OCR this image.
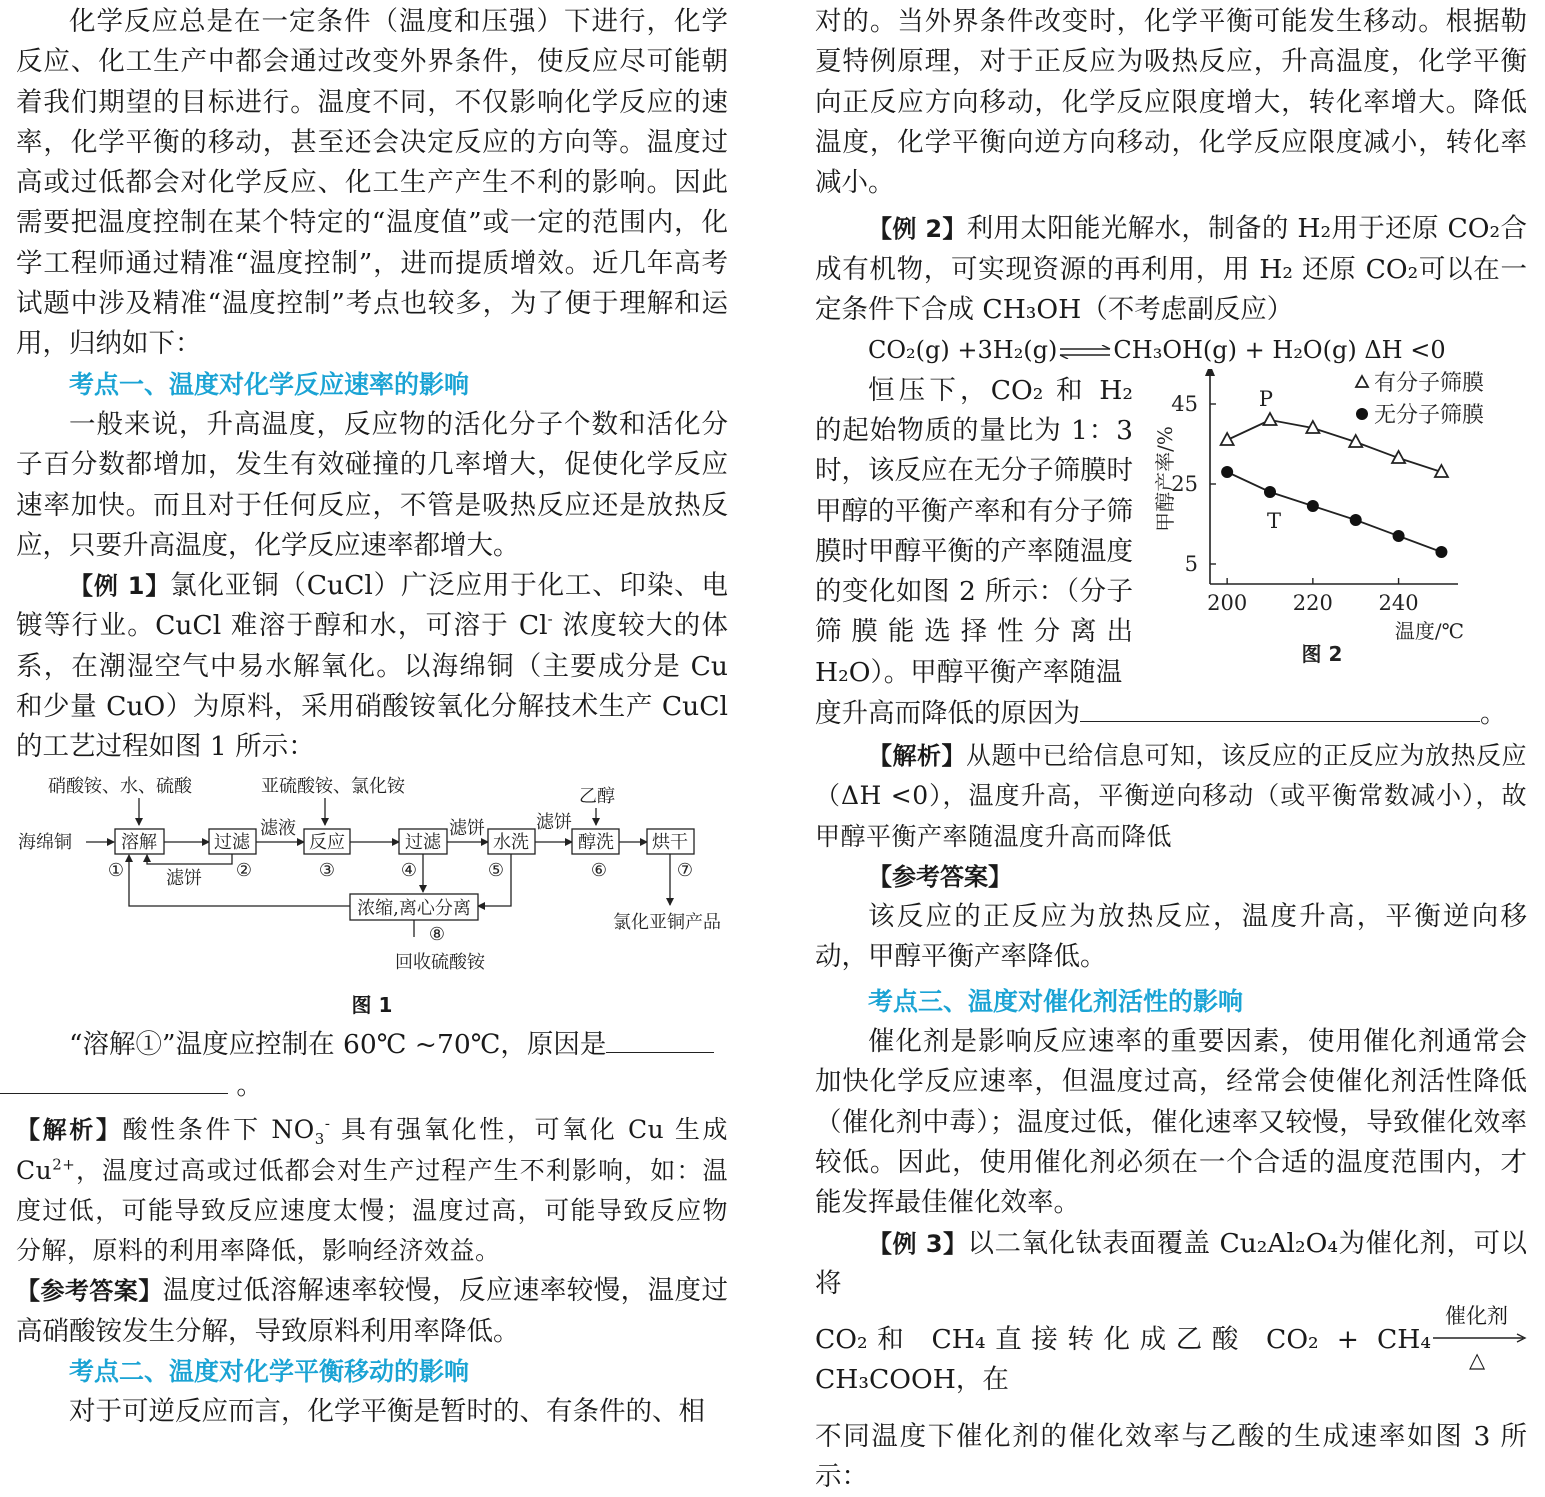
化学反应总是在一定条件（温度和压强）下进行，化学反应、化工生产中都会通过改变外界条件，使反应尽可能朝着我们期望的目标进行。温度不同，不仅影响化学反应的速率，化学平衡的移动，甚至还会决定反应的方向等。温度过高或过低都会对化学反应、化工生产产生不利的影响。因此需要把温度控制在某个特定的“温度值”或一定的范围内，化学工程师通过精准“温度控制”，进而提质增效。近几年高考试题中涉及精准“温度控制”考点也较多，为了便于理解和运用，归纳如下：

考点一、温度对化学反应速率的影响

一般来说，升高温度，反应物的活化分子个数和活化分子百分数都增加，发生有效碰撞的几率增大，促使化学反应速率加快。而且对于任何反应，不管是吸热反应还是放热反应，只要升高温度，化学反应速率都增大。

【例 1】氯化亚铜（CuCl）广泛应用于化工、印染、电镀等行业。CuCl 难溶于醇和水，可溶于 Cl- 浓度较大的体系，在潮湿空气中易水解氧化。以海绵铜（主要成分是 Cu 和少量 CuO）为原料，采用硝酸铵氧化分解技术生产 CuCl 的工艺过程如图 1 所示：

硝酸铵、水、硫酸	亚硫酸铵、氯化铵	乙醇
海绵铜	溶解	过滤	反应	过滤	水洗	醇洗 烘干
浓缩,离心分离
滤液	滤饼	滤饼
滤饼
①	②	③	④	⑤	⑥	⑦
⑧
氯化亚铜产品
回收硫酸铵
图 1

“溶解①”温度应控制在 60℃ ~70℃，原因是
。

【解析】酸性条件下 $NO_3^-$ 具有强氧化性，可氧化 Cu 生成 $Cu^{2+}$，温度过高或过低都会对生产过程产生不利影响，如：温度过低，可能导致反应速度太慢；温度过高，可能导致反应物分解，原料的利用率降低，影响经济效益。

【参考答案】温度过低溶解速率较慢，反应速率较慢，温度过高硝酸铵发生分解，导致原料利用率降低。

考点二、温度对化学平衡移动的影响

对于可逆反应而言，化学平衡是暂时的、有条件的、相

对的。当外界条件改变时，化学平衡可能发生移动。根据勒夏特例原理，对于正反应为吸热反应，升高温度，化学平衡向正反应方向移动，化学反应限度增大，转化率增大。降低温度，化学平衡向逆方向移动，化学反应限度减小，转化率减小。

【例 2】利用太阳能光解水，制备的 H₂用于还原 CO₂合成有机物，可实现资源的再利用，用 H₂ 还原 CO₂可以在一定条件下合成 CH₃OH（不考虑副反应）

CO₂(g) +3H₂(g)⇌CH₃OH(g) + H₂O(g) ΔH <0

恒压下，CO₂ 和 H₂ 的起始物质的量比为 1：3 时，该反应在无分子筛膜时甲醇的平衡产率和有分子筛膜时甲醇平衡的产率随温度的变化如图 2 所示：（分子筛膜能选择性分离出 H₂O）。甲醇平衡产率随温

200 220 240
5
25
45
温度/℃
甲醇产率/%
P
T
有分子筛膜
无分子筛膜
图 2

度升高而降低的原因为	。

【解析】从题中已给信息可知，该反应的正反应为放热反应（ΔH <0），温度升高，平衡逆向移动（或平衡常数减小），故甲醇平衡产率随温度升高而降低

【参考答案】

该反应的正反应为放热反应，温度升高，平衡逆向移动，甲醇平衡产率降低。

考点三、温度对催化剂活性的影响

催化剂是影响反应速率的重要因素，使用催化剂通常会加快化学反应速率，但温度过高，经常会使催化剂活性降低（催化剂中毒）；温度过低，催化速率又较慢，导致催化效率较低。因此，使用催化剂必须在一个合适的温度范围内，才能发挥最佳催化效率。

【例 3】以二氧化钛表面覆盖 Cu₂Al₂O₄为催化剂，可以将

CO₂和 CH₄直接转化成乙酸 CO₂ + CH₄
催化剂
△
CH₃COOH，在

不同温度下催化剂的催化效率与乙酸的生成速率如图 3 所示：
